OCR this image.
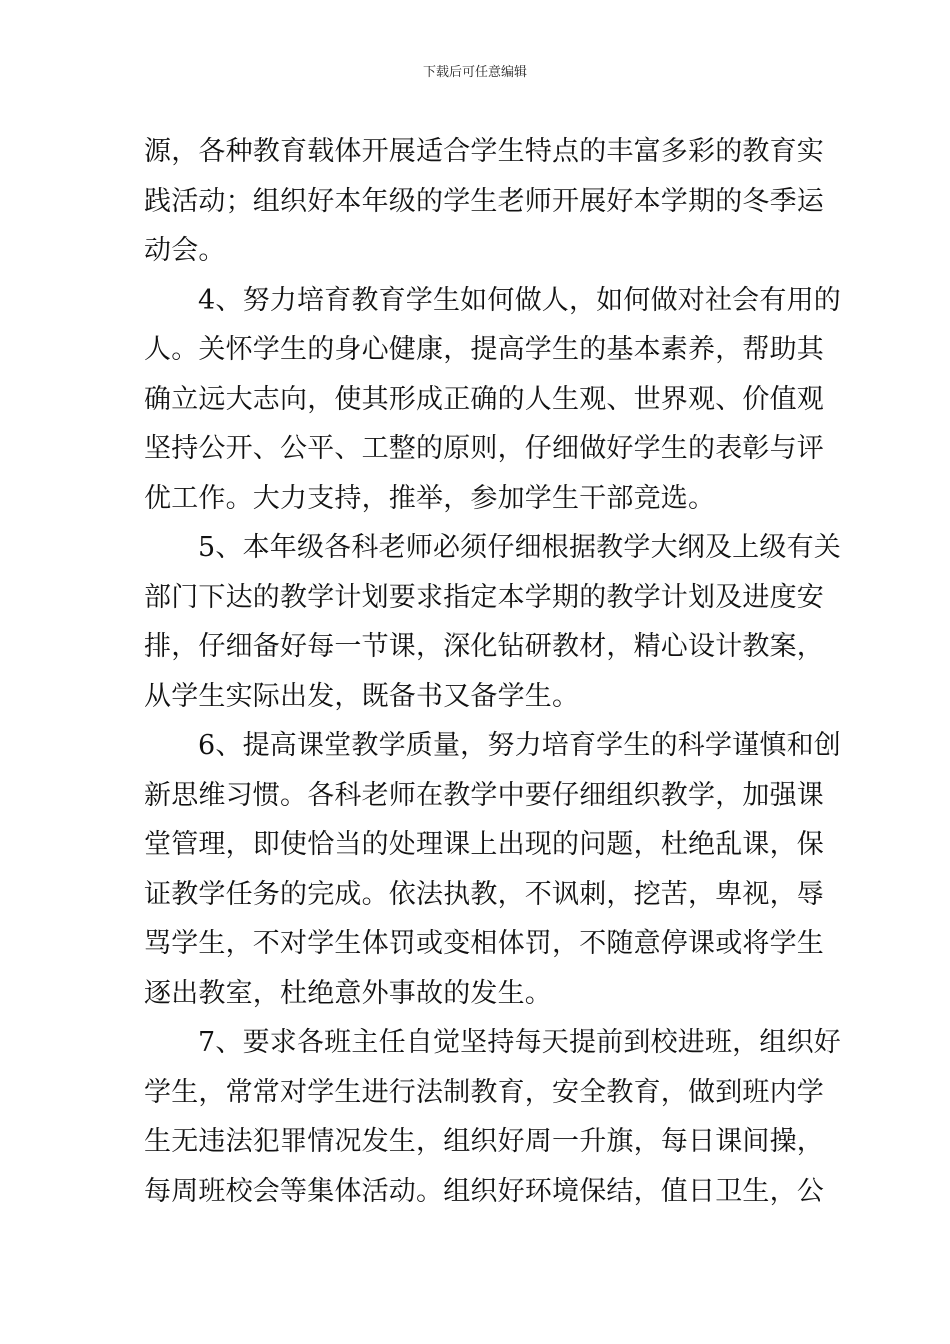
下载后可任意编辑
源，各种教育载体开展适合学生特点的丰富多彩的教育实
践活动；组织好本年级的学生老师开展好本学期的冬季运
动会。
4、努力培育教育学生如何做人，如何做对社会有用的
人。关怀学生的身心健康，提高学生的基本素养，帮助其
确立远大志向，使其形成正确的人生观、世界观、价值观
坚持公开、公平、工整的原则，仔细做好学生的表彰与评
优工作。大力支持，推举，参加学生干部竞选。
5、本年级各科老师必须仔细根据教学大纲及上级有关
部门下达的教学计划要求指定本学期的教学计划及进度安
排，仔细备好每一节课，深化钻研教材，精心设计教案，
从学生实际出发，既备书又备学生。
6、提高课堂教学质量，努力培育学生的科学谨慎和创
新思维习惯。各科老师在教学中要仔细组织教学，加强课
堂管理，即使恰当的处理课上出现的问题，杜绝乱课，保
证教学任务的完成。依法执教，不讽刺，挖苦，卑视，辱
骂学生，不对学生体罚或变相体罚，不随意停课或将学生
逐出教室，杜绝意外事故的发生。
7、要求各班主任自觉坚持每天提前到校进班，组织好
学生，常常对学生进行法制教育，安全教育，做到班内学
生无违法犯罪情况发生，组织好周一升旗，每日课间操，
每周班校会等集体活动。组织好环境保结，值日卫生，公
